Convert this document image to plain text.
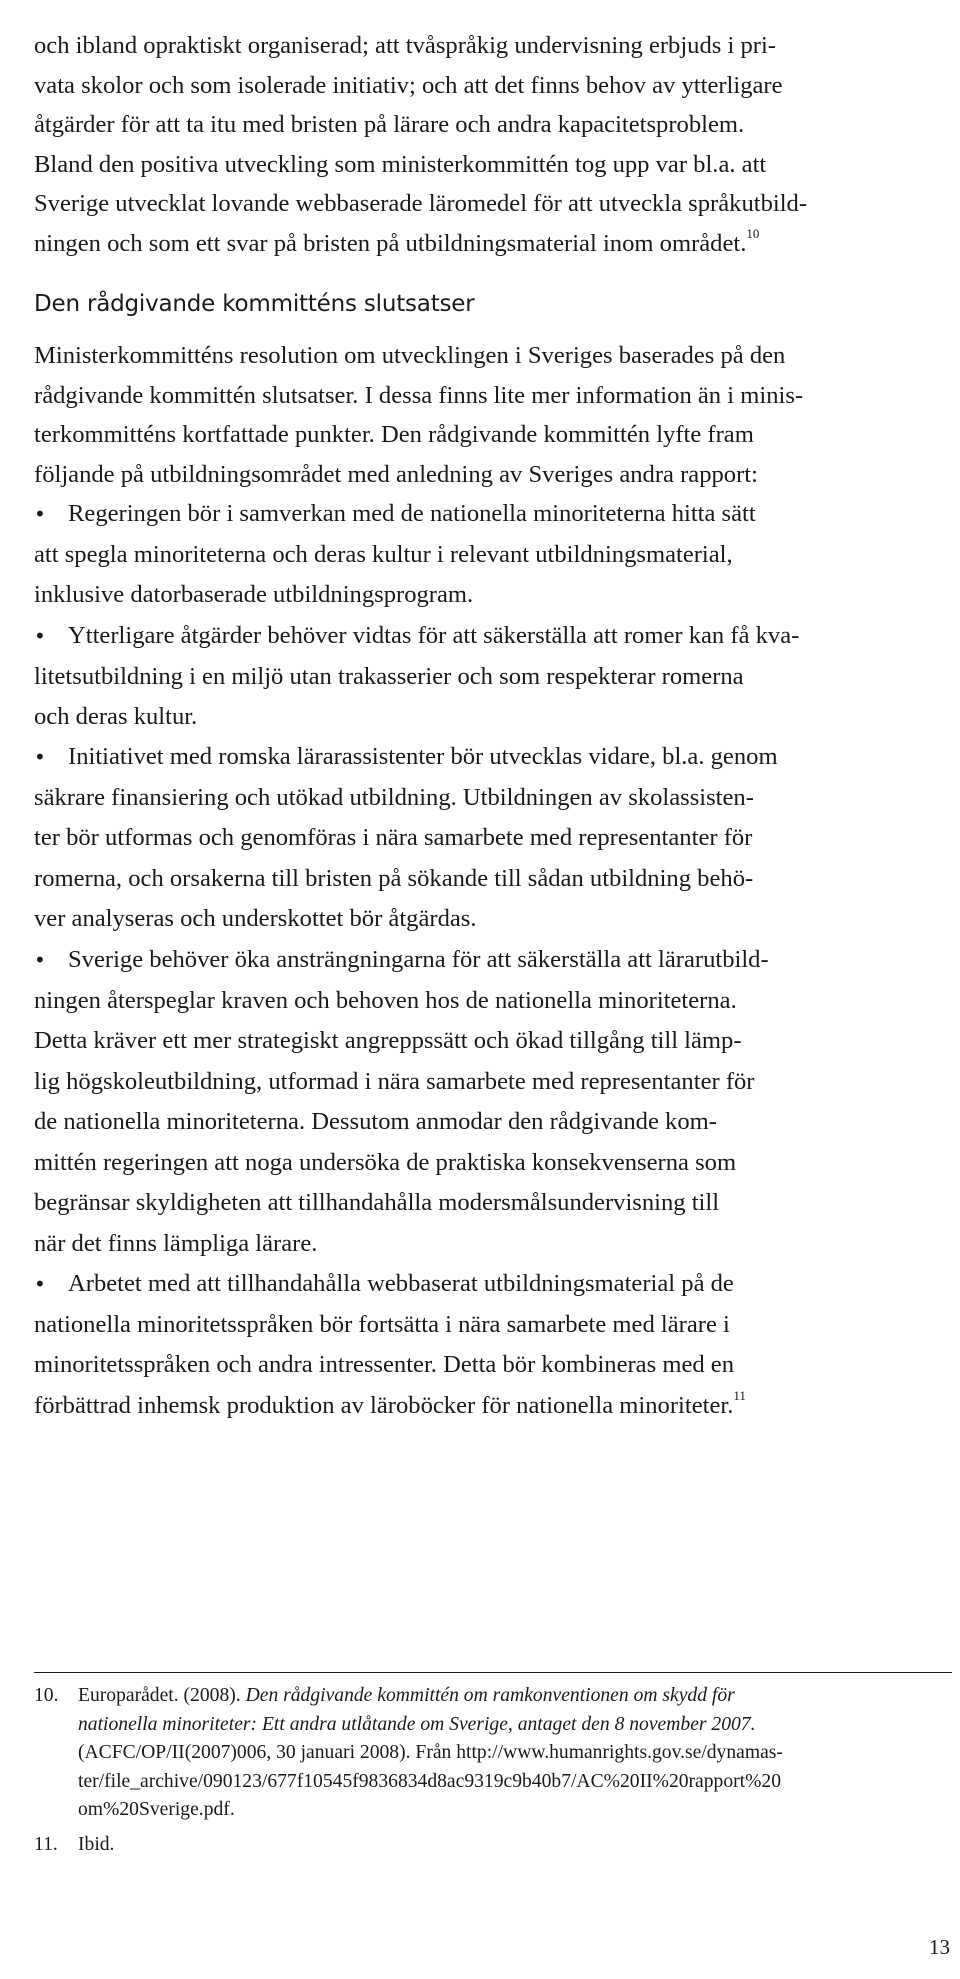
och ibland opraktiskt organiserad; att tvåspråkig undervisning erbjuds i pri-
vata skolor och som isolerade initiativ; och att det finns behov av ytterligare
åtgärder för att ta itu med bristen på lärare och andra kapacitetsproblem.
Bland den positiva utveckling som ministerkommittén tog upp var bl.a. att
Sverige utvecklat lovande webbaserade läromedel för att utveckla språkutbild-
ningen och som ett svar på bristen på utbildningsmaterial inom området.$^{10}$
Den rådgivande kommitténs slutsatser
Ministerkommitténs resolution om utvecklingen i Sveriges baserades på den
rådgivande kommittén slutsatser. I dessa finns lite mer information än i minis-
terkommitténs kortfattade punkter. Den rådgivande kommittén lyfte fram
följande på utbildningsområdet med anledning av Sveriges andra rapport:
• Regeringen bör i samverkan med de nationella minoriteterna hitta sätt
att spegla minoriteterna och deras kultur i relevant utbildningsmaterial,
inklusive datorbaserade utbildningsprogram.
• Ytterligare åtgärder behöver vidtas för att säkerställa att romer kan få kva-
litetsutbildning i en miljö utan trakasserier och som respekterar romerna
och deras kultur.
• Initiativet med romska lärarassistenter bör utvecklas vidare, bl.a. genom
säkrare finansiering och utökad utbildning. Utbildningen av skolassisten-
ter bör utformas och genomföras i nära samarbete med representanter för
romerna, och orsakerna till bristen på sökande till sådan utbildning behö-
ver analyseras och underskottet bör åtgärdas.
• Sverige behöver öka ansträngningarna för att säkerställa att lärarutbild-
ningen återspeglar kraven och behoven hos de nationella minoriteterna.
Detta kräver ett mer strategiskt angreppssätt och ökad tillgång till lämp-
lig högskoleutbildning, utformad i nära samarbete med representanter för
de nationella minoriteterna. Dessutom anmodar den rådgivande kom-
mittén regeringen att noga undersöka de praktiska konsekvenserna som
begränsar skyldigheten att tillhandahålla modersmålsundervisning till
när det finns lämpliga lärare.
• Arbetet med att tillhandahålla webbaserat utbildningsmaterial på de
nationella minoritetsspråken bör fortsätta i nära samarbete med lärare i
minoritetsspråken och andra intressenter. Detta bör kombineras med en
förbättrad inhemsk produktion av läroböcker för nationella minoriteter.$^{11}$
10. Europarådet. (2008). Den rådgivande kommittén om ramkonventionen om skydd för
nationella minoriteter: Ett andra utlåtande om Sverige, antaget den 8 november 2007.
(ACFC/OP/II(2007)006, 30 januari 2008). Från http://www.humanrights.gov.se/dynamas-
ter/file_archive/090123/677f10545f9836834d8ac9319c9b40b7/AC%20II%20rapport%20
om%20Sverige.pdf.
11. Ibid.
13
